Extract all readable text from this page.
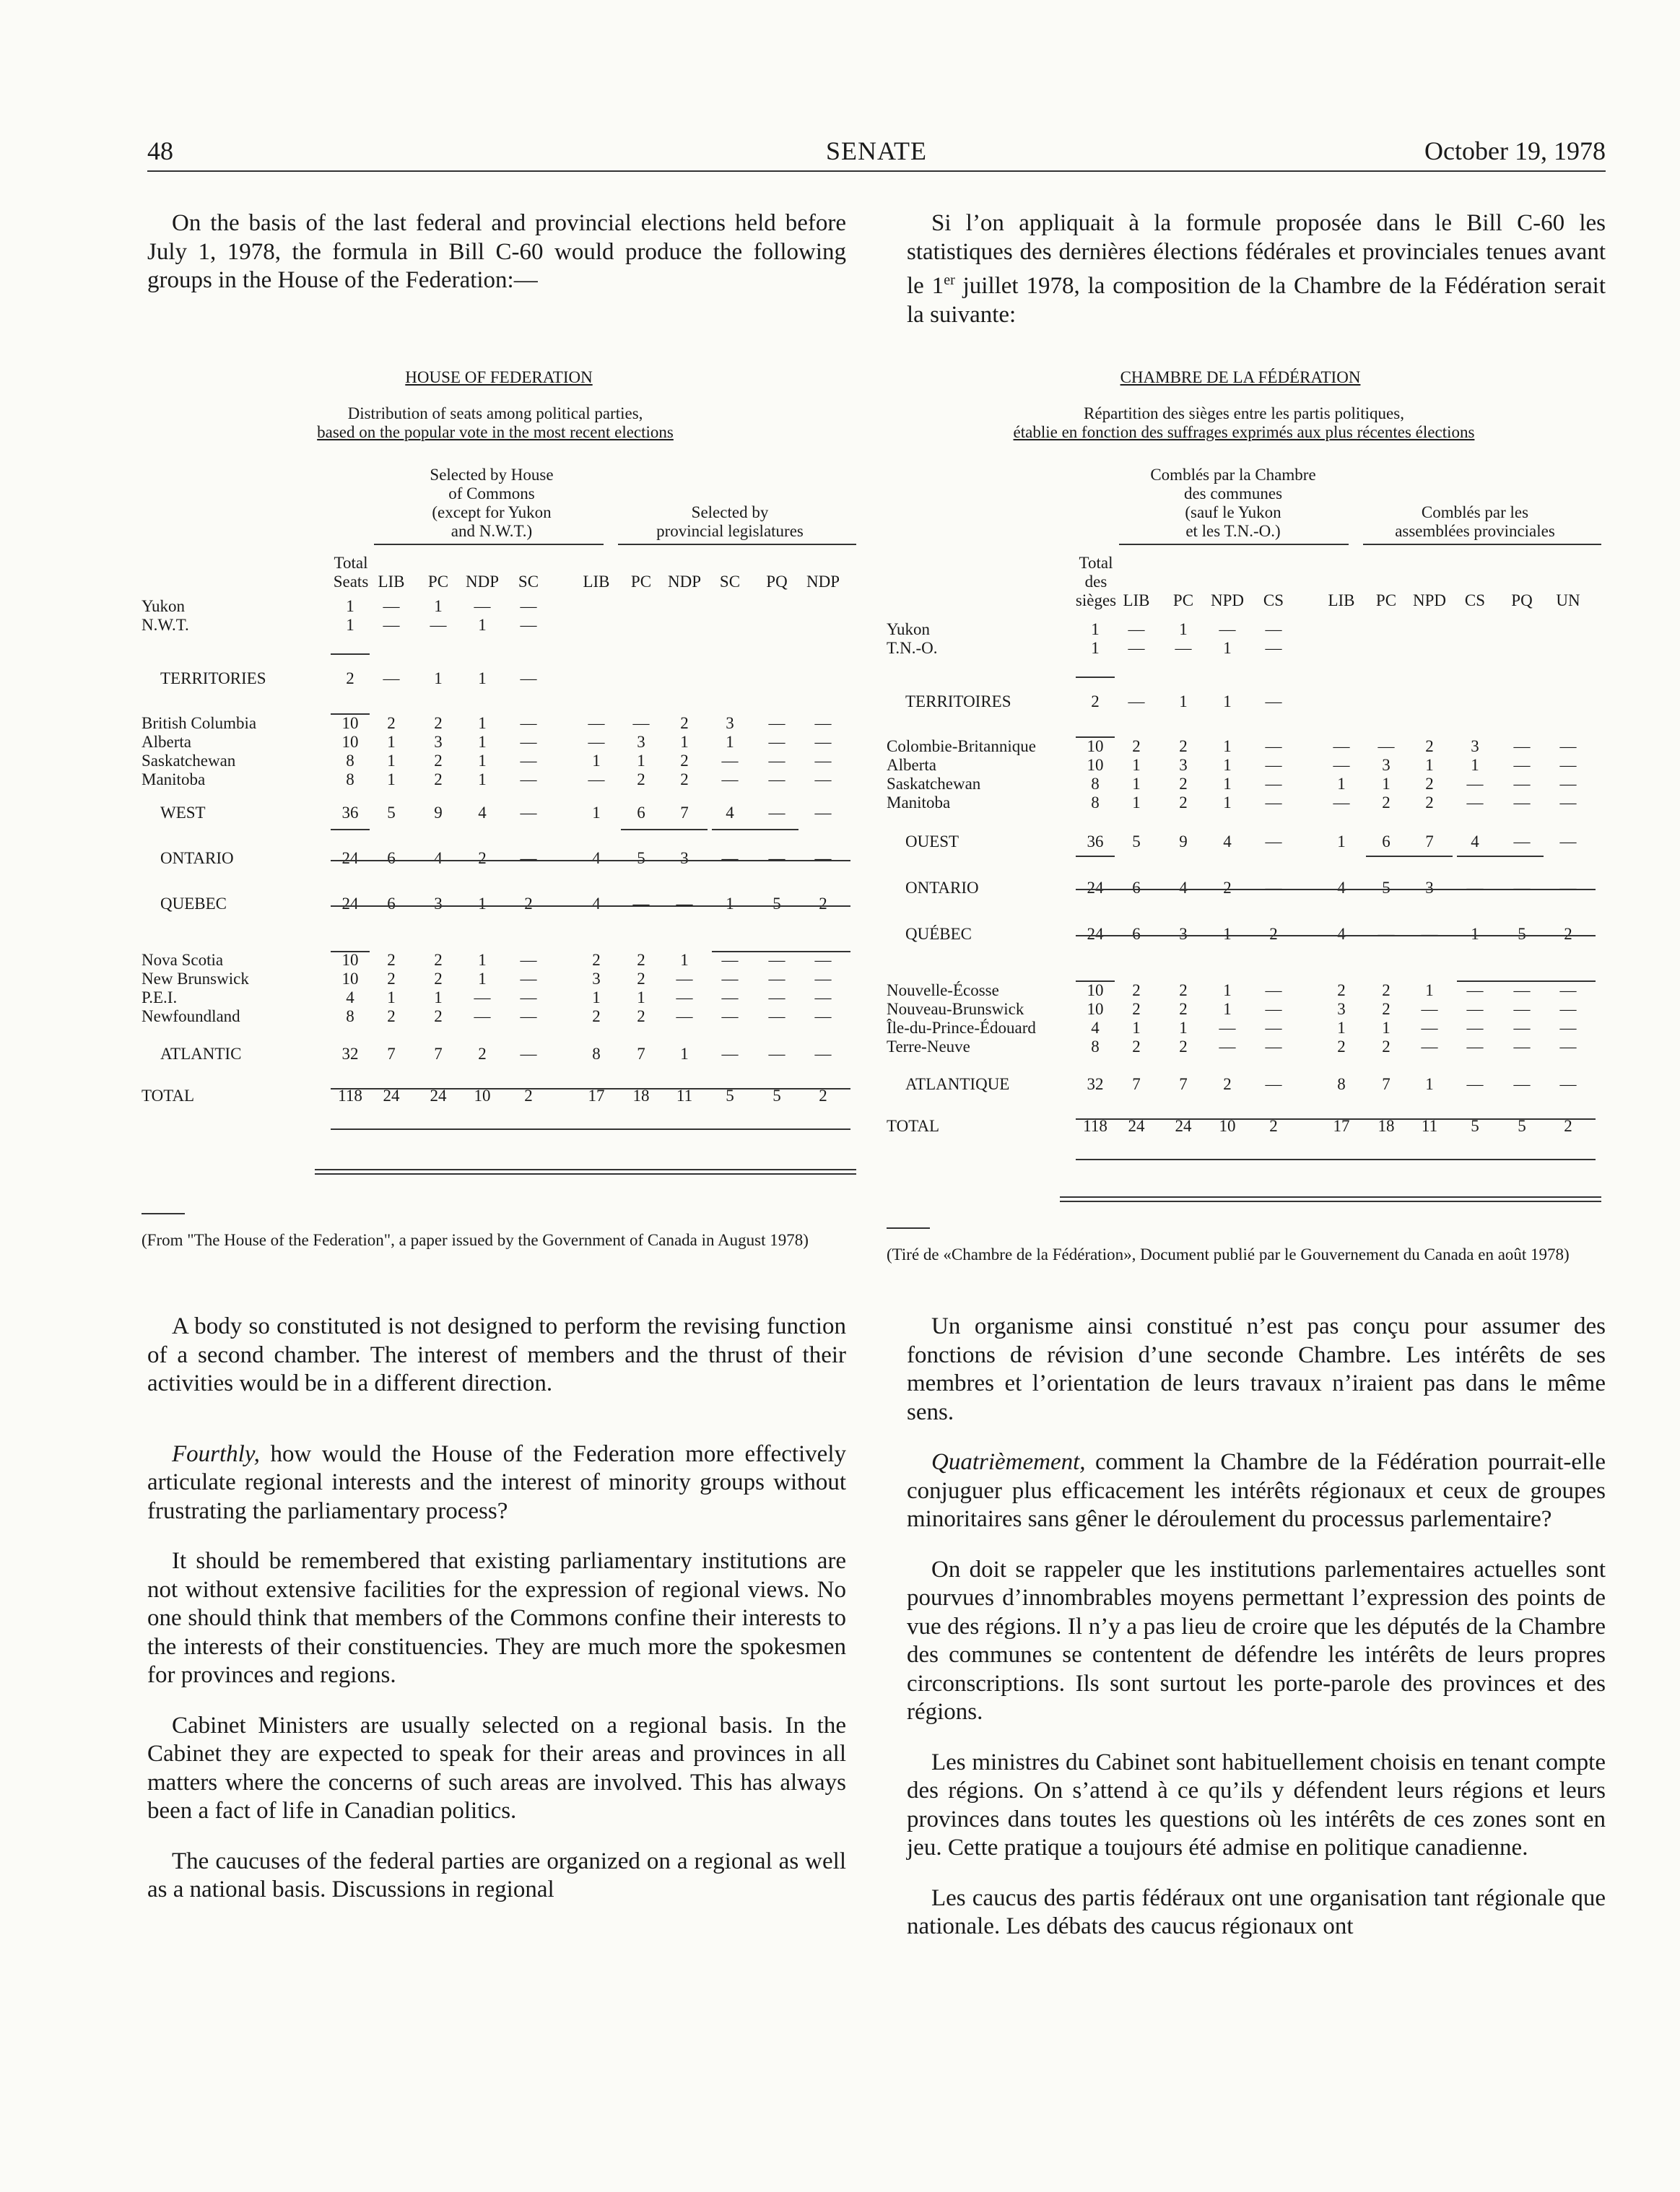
48	SENATE	October 19, 1978

On the basis of the last federal and provincial elections held before July 1, 1978, the formula in Bill C-60 would produce the following groups in the House of the Federation:—

Si l’on appliquait à la formule proposée dans le Bill C-60 les statistiques des dernières élections fédérales et provinciales tenues avant le 1er juillet 1978, la composition de la Chambre de la Fédération serait la suivante:

HOUSE OF FEDERATION
Distribution of seats among political parties,
based on the popular vote in the most recent elections
Selected by House
of Commons
(except for Yukon
and N.W.T.)
Selected by
provincial legislatures
Total
Seats LIB	PC	NDP	SC	LIB	PC NDP	SC	PQ	NDP
Yukon	1	—	1	—	—
N.W.T.	1	—	—	1	—
TERRITORIES	2	—	1	1	—
British Columbia	10	2	2	1	—	—	—	2	3	—	—
Alberta	10	1	3	1	—	—	3	1	1	—	—
Saskatchewan	8	1	2	1	—	1	1	2	—	—	—
Manitoba	8	1	2	1	—	—	2	2	—	—	—
WEST	36	5	9	4	—	1	6	7	4	—	—
ONTARIO	24	6	4	2	—	4	5	3	—	—	—
QUEBEC	24	6	3	1	2	4	—	—	1	5	2
Nova Scotia	10	2	2	1	—	2	2	1	—	—	—
New Brunswick	10	2	2	1	—	3	2	—	—	—	—
P.E.I.	4	1	1	—	—	1	1	—	—	—	—
Newfoundland	8	2	2	—	—	2	2	—	—	—	—
ATLANTIC	32	7	7	2	—	8	7	1	—	—	—
TOTAL	118	24	24	10	2	17	18	11	5	5	2
CHAMBRE DE LA FÉDÉRATION
Répartition des sièges entre les partis politiques,
établie en fonction des suffrages exprimés aux plus récentes élections
Comblés par la Chambre
des communes
(sauf le Yukon
et les T.N.-O.)
Comblés par les
assemblées provinciales
Total
des
sièges LIB	PC	NPD	CS	LIB	PC NPD	CS	PQ	UN
Yukon	1	—	1	—	—
T.N.-O.	1	—	—	1	—
TERRITOIRES	2	—	1	1	—
Colombie-Britannique	10	2	2	1	—	—	—	2	3	—	—
Alberta	10	1	3	1	—	—	3	1	1	—	—
Saskatchewan	8	1	2	1	—	1	1	2	—	—	—
Manitoba	8	1	2	1	—	—	2	2	—	—	—
OUEST	36	5	9	4	—	1	6	7	4	—	—
ONTARIO	24	6	4	2	—	4	5	3	—	—	—
QUÉBEC	24	6	3	1	2	4	—	—	1	5	2
Nouvelle-Écosse	10	2	2	1	—	2	2	1	—	—	—
Nouveau-Brunswick	10	2	2	1	—	3	2	—	—	—	—
Île-du-Prince-Édouard	4	1	1	—	—	1	1	—	—	—	—
Terre-Neuve	8	2	2	—	—	2	2	—	—	—	—
ATLANTIQUE	32	7	7	2	—	8	7	1	—	—	—
TOTAL	118	24	24	10	2	17	18	11	5	5	2
(From "The House of the Federation", a paper issued by the Government of Canada in August 1978)
(Tiré de «Chambre de la Fédération», Document publié par le Gouvernement du Canada en août 1978)

A body so constituted is not designed to perform the revising function of a second chamber. The interest of members and the thrust of their activities would be in a different direction.

Fourthly, how would the House of the Federation more effectively articulate regional interests and the interest of minority groups without frustrating the parliamentary process?

It should be remembered that existing parliamentary institutions are not without extensive facilities for the expression of regional views. No one should think that members of the Commons confine their interests to the interests of their constituencies. They are much more the spokesmen for provinces and regions.

Cabinet Ministers are usually selected on a regional basis. In the Cabinet they are expected to speak for their areas and provinces in all matters where the concerns of such areas are involved. This has always been a fact of life in Canadian politics.

The caucuses of the federal parties are organized on a regional as well as a national basis. Discussions in regional

Un organisme ainsi constitué n’est pas conçu pour assumer des fonctions de révision d’une seconde Chambre. Les intérêts de ses membres et l’orientation de leurs travaux n’iraient pas dans le même sens.

Quatrièmement, comment la Chambre de la Fédération pourrait-elle conjuguer plus efficacement les intérêts régionaux et ceux de groupes minoritaires sans gêner le déroulement du processus parlementaire?

On doit se rappeler que les institutions parlementaires actuelles sont pourvues d’innombrables moyens permettant l’expression des points de vue des régions. Il n’y a pas lieu de croire que les députés de la Chambre des communes se contentent de défendre les intérêts de leurs propres circonscriptions. Ils sont surtout les porte-parole des provinces et des régions.

Les ministres du Cabinet sont habituellement choisis en tenant compte des régions. On s’attend à ce qu’ils y défendent leurs régions et leurs provinces dans toutes les questions où les intérêts de ces zones sont en jeu. Cette pratique a toujours été admise en politique canadienne.

Les caucus des partis fédéraux ont une organisation tant régionale que nationale. Les débats des caucus régionaux ont
